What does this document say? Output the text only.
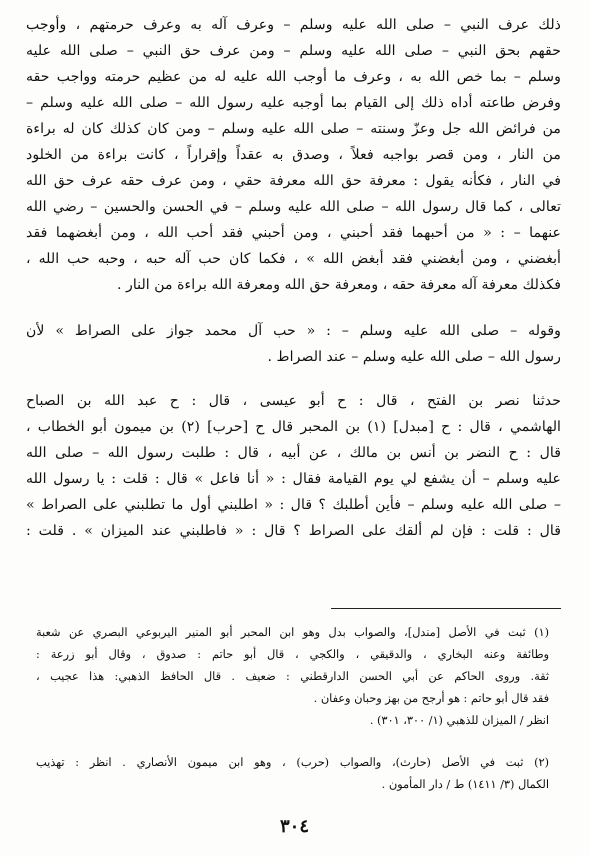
ذلك عرف النبي – صلى الله عليه وسلم – وعرف آله به وعرف حرمتهم ، وأوجب
حقهم بحق النبي – صلى الله عليه وسلم – ومن عرف حق النبي – صلى الله عليه
وسلم – بما خص الله به ، وعرف ما أوجب الله عليه له من عظيم حرمته وواجب حقه
وفرض طاعته أداه ذلك إلى القيام بما أوجبه عليه رسول الله – صلى الله عليه وسلم –
من فرائض الله جل وعزّ وسنته – صلى الله عليه وسلم – ومن كان كذلك كان له براءة
من النار ، ومن قصر بواجبه فعلاً ، وصدق به عقداً وإقراراً ، كانت براءة من الخلود
في النار ، فكأنه يقول : معرفة حق الله معرفة حقي ، ومن عرف حقه عرف حق الله
تعالى ، كما قال رسول الله – صلى الله عليه وسلم – في الحسن والحسين – رضي الله
عنهما – : « من أحبهما فقد أحبني ، ومن أحبني فقد أحب الله ، ومن أبغضهما فقد
أبغضني ، ومن أبغضني فقد أبغض الله » ، فكما كان حب آله حبه ، وحبه حب الله ،
فكذلك معرفة آله معرفة حقه ، ومعرفة حق الله ومعرفة الله براءة من النار .
وقوله – صلى الله عليه وسلم – : « حب آل محمد جواز على الصراط » لأن
رسول الله – صلى الله عليه وسلم – عند الصراط .
حدثنا نصر بن الفتح ، قال : ح أبو عيسى ، قال : ح عبد الله بن الصباح
الهاشمي ، قال : ح [مبدل] (١) بن المحبر قال ح [حرب] (٢) بن ميمون أبو الخطاب ،
قال : ح النضر بن أنس بن مالك ، عن أبيه ، قال : طلبت رسول الله – صلى الله
عليه وسلم – أن يشفع لي يوم القيامة فقال : « أنا فاعل » قال : قلت : يا رسول الله
– صلى الله عليه وسلم – فأين أطلبك ؟ قال : « اطلبني أول ما تطلبني على الصراط »
قال : قلت : فإن لم ألقك على الصراط ؟ قال : « فاطلبني عند الميزان » . قلت :
(١) ثبت في الأصل [مندل]، والصواب بدل وهو ابن المحبر أبو المنير اليربوعي البصري عن شعبة
وطائفة وعنه البخاري ، والدقيقي ، والكجي ، قال أبو حاتم : صدوق ، وقال أبو زرعة :
ثقة. وروى الحاكم عن أبي الحسن الدارقطني : ضعيف . قال الحافظ الذهبي: هذا عجيب ،
فقد قال أبو حاتم : هو أرجح من بهز وحبان وعفان .
انظر / الميزان للذهبي (١/ ٣٠٠، ٣٠١) .
(٢) ثبت في الأصل (حارث)، والصواب (حرب) ، وهو ابن ميمون الأنصاري . انظر : تهذيب
الكمال (٣/ ١٤١١) ط / دار المأمون .
٣٠٤
